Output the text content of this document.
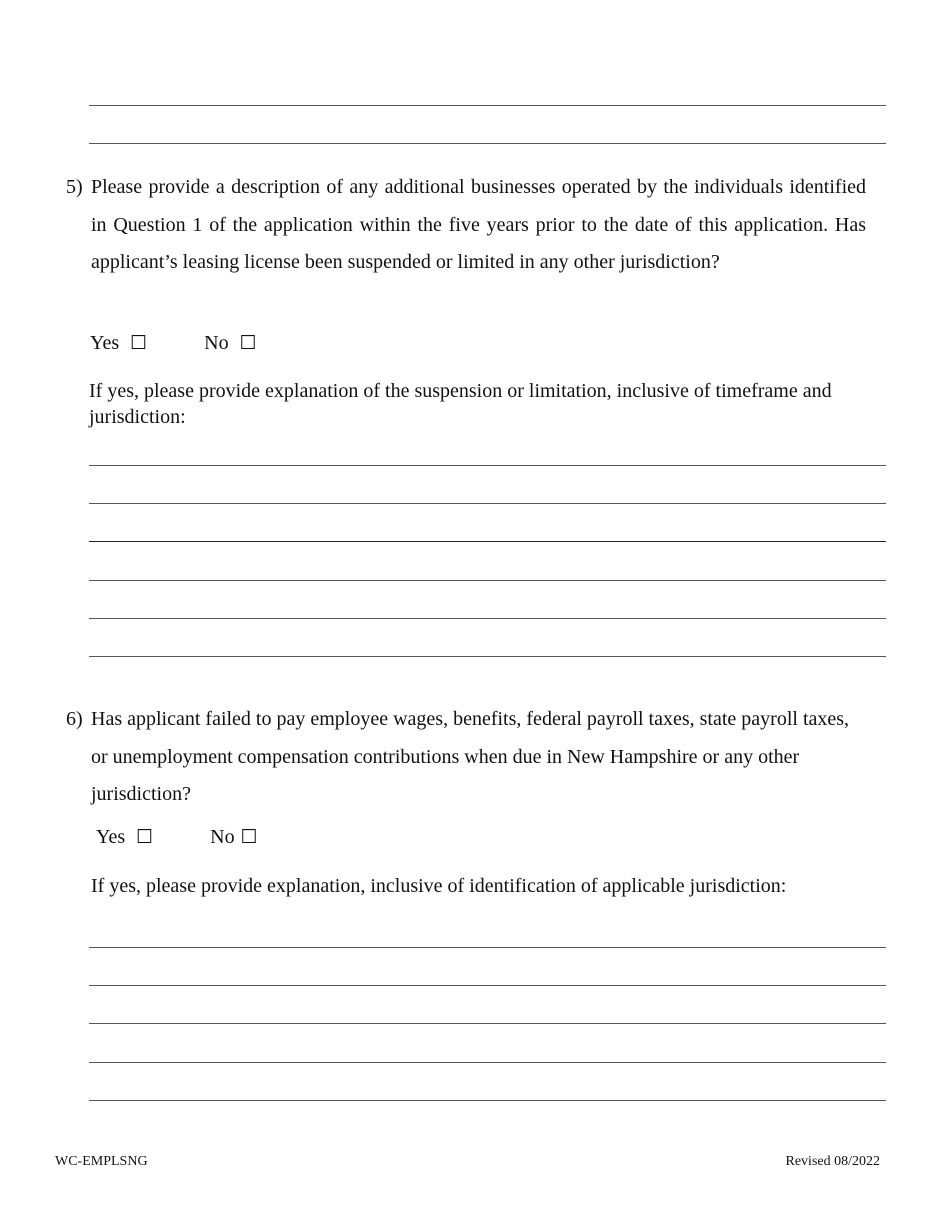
5) Please provide a description of any additional businesses operated by the individuals identified in Question 1 of the application within the five years prior to the date of this application. Has applicant’s leasing license been suspended or limited in any other jurisdiction?
Yes ☐	No ☐
If yes, please provide explanation of the suspension or limitation, inclusive of timeframe and jurisdiction:
6) Has applicant failed to pay employee wages, benefits, federal payroll taxes, state payroll taxes, or unemployment compensation contributions when due in New Hampshire or any other jurisdiction?
Yes ☐	No ☐
If yes, please provide explanation, inclusive of identification of applicable jurisdiction:
WC-EMPLSNG	Revised 08/2022
